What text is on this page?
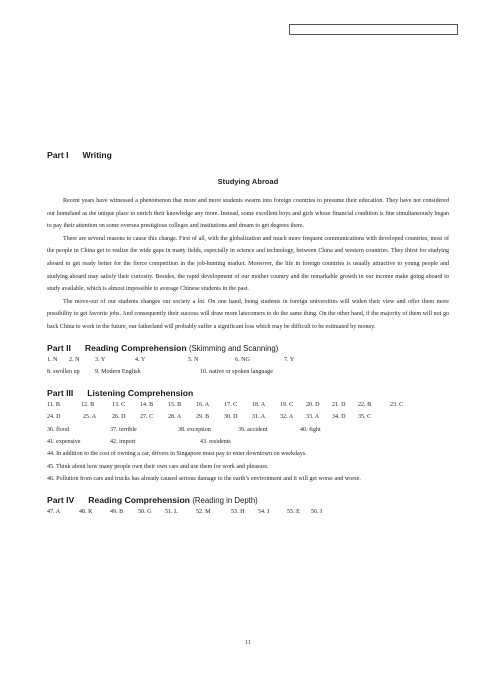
Part I Writing
Studying Abroad

Recent years have witnessed a phenomenon that more and more students swarm into foreign countries to presume their education. They have not considered our homeland as the unique place to enrich their knowledge any more. Instead, some excellent boys and girls whose financial condition is fine simultaneously began to pay their attention on some oversea prestigious colleges and institutions and dream to get degrees there.

There are several reasons to cause this change. First of all, with the globalization and much more frequent communications with developed countries, most of the people in China get to realize the wide gaps in many fields, especially in science and technology, between China and western countries. They thirst for studying aboard to get ready better for the fierce competition in the job-hunting market. Moreover, the life in foreign countries is usually attractive to young people and studying aboard may satisfy their curiosity. Besides, the rapid development of our mother country and the remarkable growth in our income make going aboard to study available, which is almost impossible to average Chinese students in the past.

The move-out of our students changes our society a lot. On one hand, being students in foreign universities will widen their view and offer them more possibility to get favorite jobs. And consequently their success will draw more latecomers to do the same thing. On the other hand, if the majority of them will not go back China to work in the future, our fatherland will probably suffer a significant loss which may be difficult to be estimated by money.

Part II Reading Comprehension (Skimming and Scanning)
1. N 2. N	3. Y	4. Y	5. N	6. NG	7. Y
8. swollen up	9. Modern English	10. native or spoken language
Part III Listening Comprehension
11. B	12. B	13. C 14. B 15. B 16. A 17. C 18. A 19. C 20. D 21. D 22. B	23. C
24. D	25. A	26. D 27. C 28. A 29. B 30. D 31. A 32. A 33. A 34. D 35. C
36. flood	37. terrible	38. exception	39. accident	40. fight
41. expensive	42. import	43. residents
44. In addition to the cost of owning a car, drivers in Singapore must pay to enter downtown on weekdays.
45. Think about how many people own their own cars and use them for work and pleasure.
46. Pollution from cars and trucks has already caused serious damage to the earth’s environment and it will get worse and worse.
Part IV Reading Comprehension (Reading in Depth)
47. A	48. K	49. B 50. G 51. L	52. M	53. H 54. J	55. E 56. I
11
